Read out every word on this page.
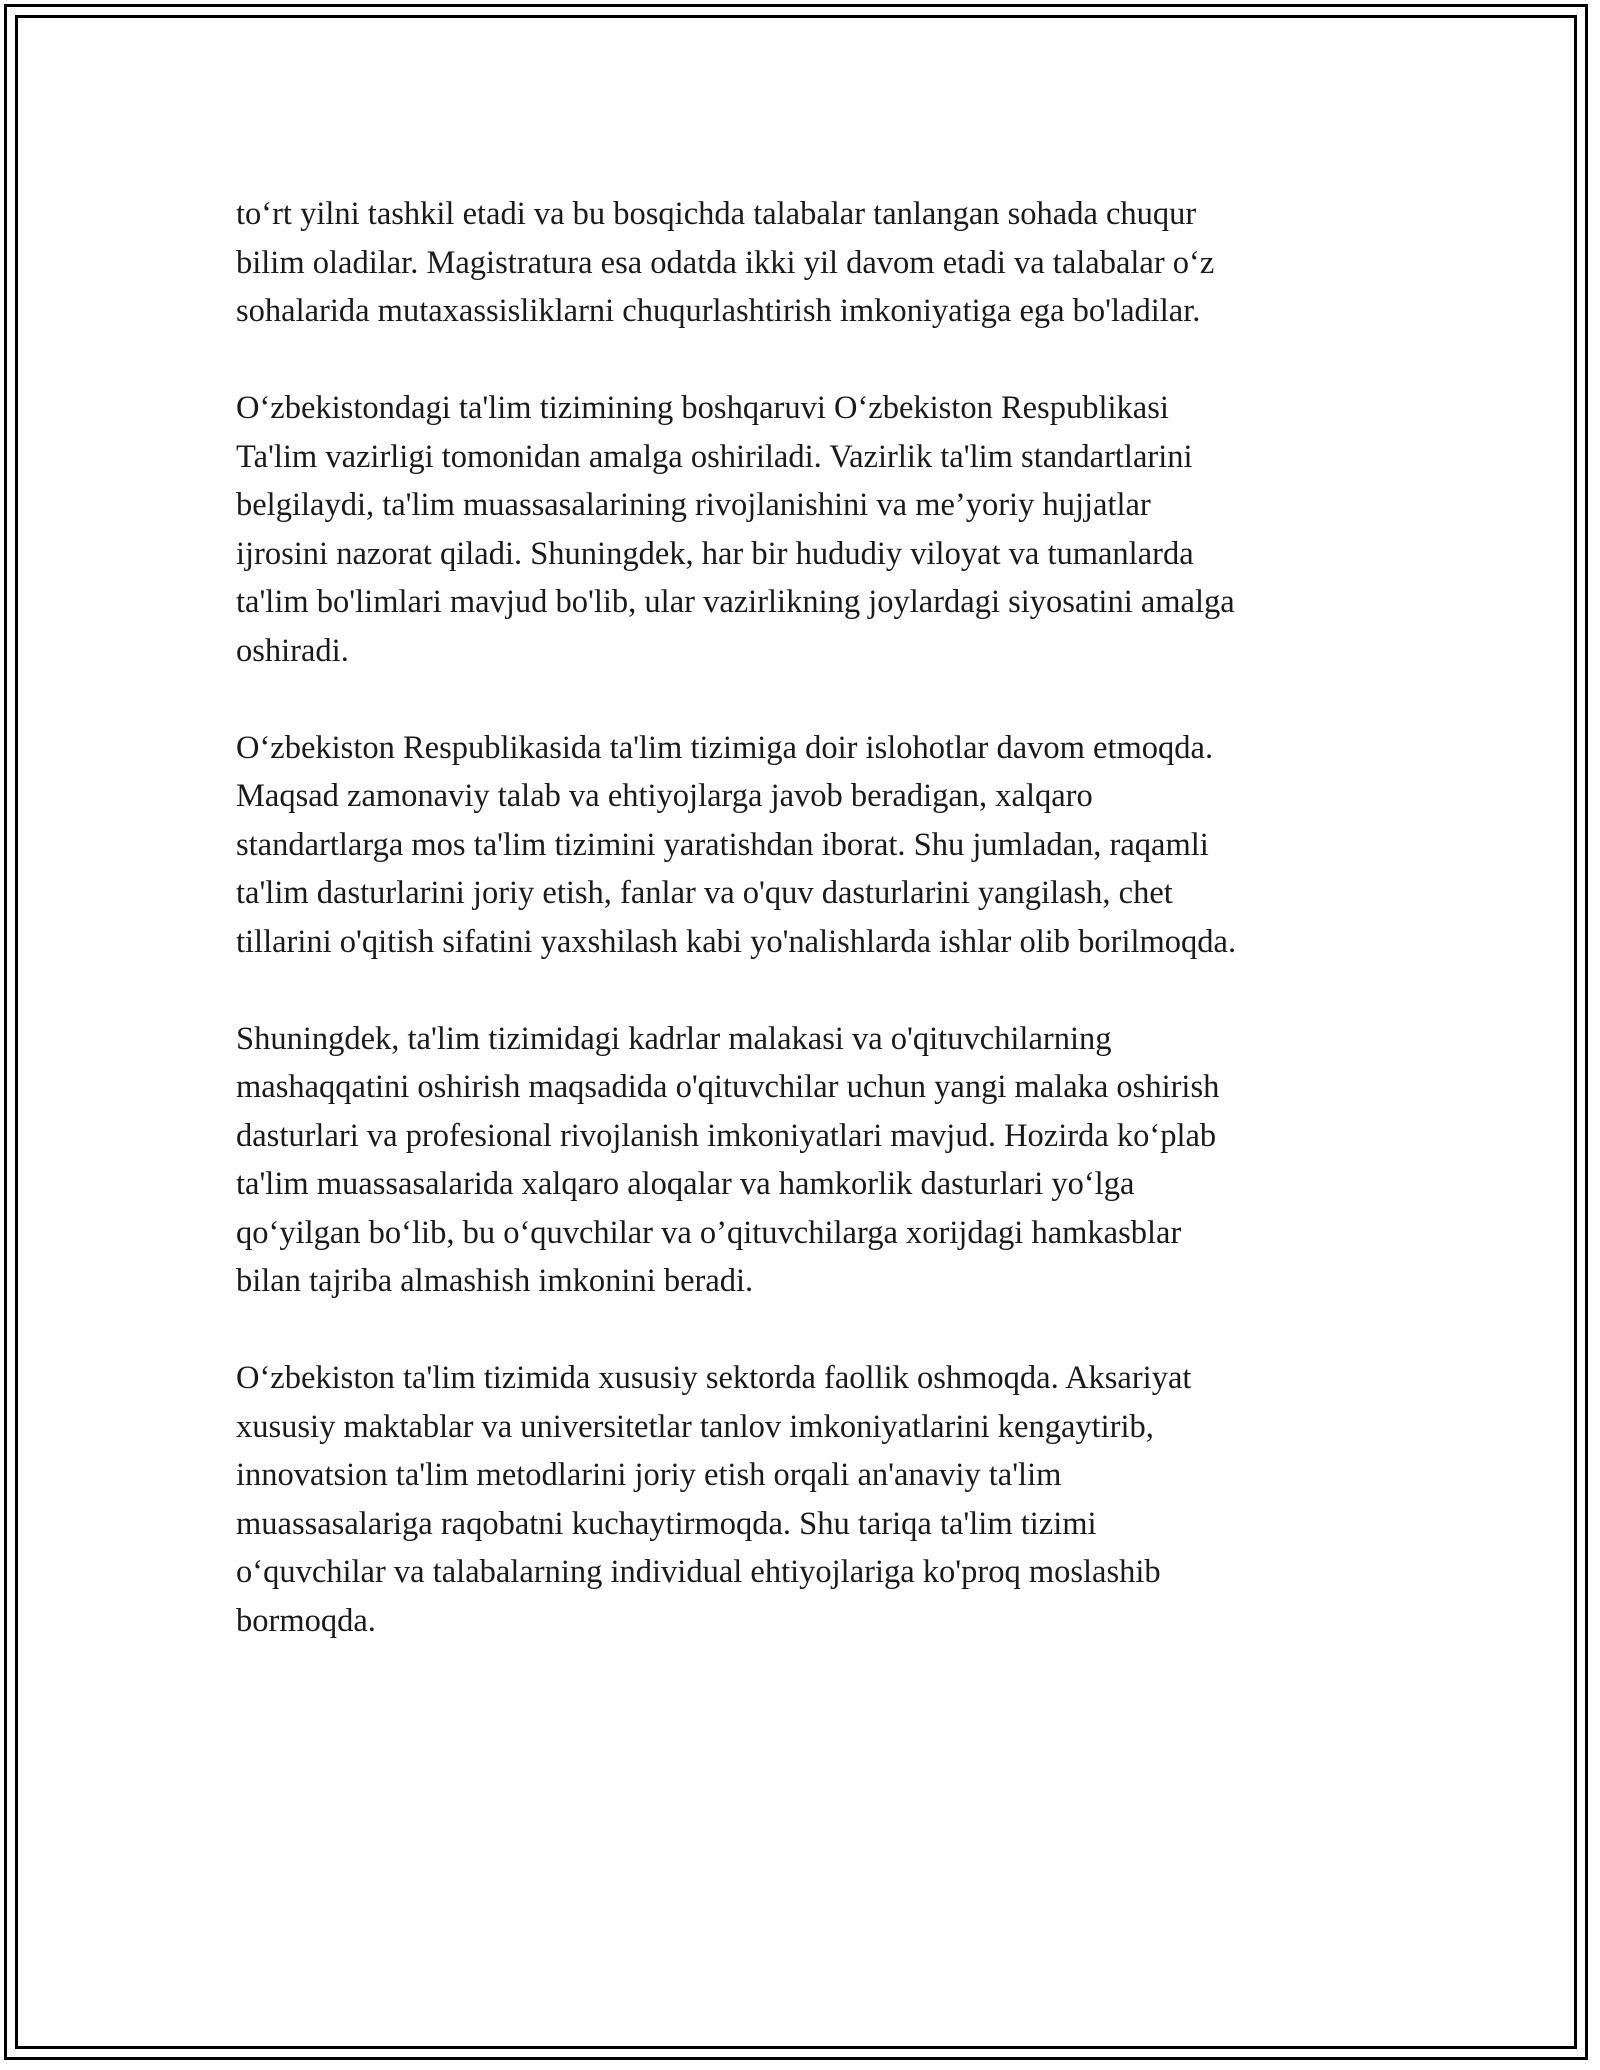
to‘rt yilni tashkil etadi va bu bosqichda talabalar tanlangan sohada chuqur
bilim oladilar. Magistratura esa odatda ikki yil davom etadi va talabalar o‘z
sohalarida mutaxassisliklarni chuqurlashtirish imkoniyatiga ega bo'ladilar.

O‘zbekistondagi ta'lim tizimining boshqaruvi O‘zbekiston Respublikasi
Ta'lim vazirligi tomonidan amalga oshiriladi. Vazirlik ta'lim standartlarini
belgilaydi, ta'lim muassasalarining rivojlanishini va me’yoriy hujjatlar
ijrosini nazorat qiladi. Shuningdek, har bir hududiy viloyat va tumanlarda
ta'lim bo'limlari mavjud bo'lib, ular vazirlikning joylardagi siyosatini amalga
oshiradi.

O‘zbekiston Respublikasida ta'lim tizimiga doir islohotlar davom etmoqda.
Maqsad zamonaviy talab va ehtiyojlarga javob beradigan, xalqaro
standartlarga mos ta'lim tizimini yaratishdan iborat. Shu jumladan, raqamli
ta'lim dasturlarini joriy etish, fanlar va o'quv dasturlarini yangilash, chet
tillarini o'qitish sifatini yaxshilash kabi yo'nalishlarda ishlar olib borilmoqda.

Shuningdek, ta'lim tizimidagi kadrlar malakasi va o'qituvchilarning
mashaqqatini oshirish maqsadida o'qituvchilar uchun yangi malaka oshirish
dasturlari va profesional rivojlanish imkoniyatlari mavjud. Hozirda ko‘plab
ta'lim muassasalarida xalqaro aloqalar va hamkorlik dasturlari yo‘lga
qo‘yilgan bo‘lib, bu o‘quvchilar va o’qituvchilarga xorijdagi hamkasblar
bilan tajriba almashish imkonini beradi.

O‘zbekiston ta'lim tizimida xususiy sektorda faollik oshmoqda. Aksariyat
xususiy maktablar va universitetlar tanlov imkoniyatlarini kengaytirib,
innovatsion ta'lim metodlarini joriy etish orqali an'anaviy ta'lim
muassasalariga raqobatni kuchaytirmoqda. Shu tariqa ta'lim tizimi
o‘quvchilar va talabalarning individual ehtiyojlariga ko'proq moslashib
bormoqda.
